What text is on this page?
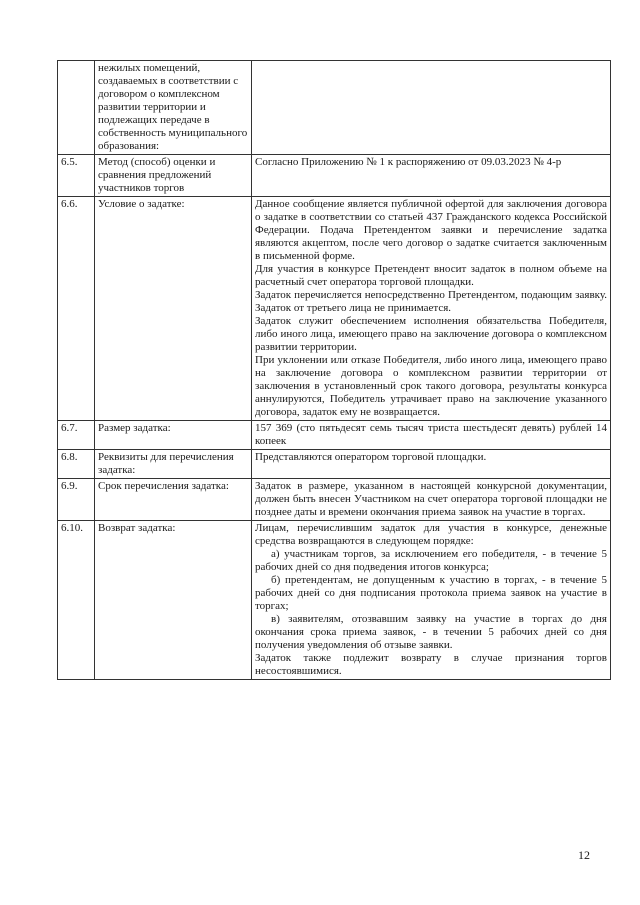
	нежилых помещений, создаваемых в соответствии с договором о комплексном развитии территории и подлежащих передаче в собственность муниципального образования:	

6.5.	Метод (способ) оценки и сравнения предложений участников торгов	Согласно Приложению № 1 к распоряжению от 09.03.2023 № 4-р

6.6.	Условие о задатке:	Данное сообщение является публичной офертой для заключения договора о задатке в соответствии со статьей 437 Гражданского кодекса Российской Федерации. Подача Претендентом заявки и перечисление задатка являются акцептом, после чего договор о задатке считается заключенным в письменной форме.

Для участия в конкурсе Претендент вносит задаток в полном объеме на расчетный счет оператора торговой площадки.

Задаток перечисляется непосредственно Претендентом, подающим заявку. Задаток от третьего лица не принимается.

Задаток служит обеспечением исполнения обязательства Победителя, либо иного лица, имеющего право на заключение договора о комплексном развитии территории.

При уклонении или отказе Победителя, либо иного лица, имеющего право на заключение договора о комплексном развитии территории от заключения в установленный срок такого договора, результаты конкурса аннулируются, Победитель утрачивает право на заключение указанного договора, задаток ему не возвращается.

6.7.	Размер задатка:	157 369 (сто пятьдесят семь тысяч триста шестьдесят девять) рублей 14 копеек

6.8.	Реквизиты для перечисления задатка:	Представляются оператором торговой площадки.

6.9.	Срок перечисления задатка:	Задаток в размере, указанном в настоящей конкурсной документации, должен быть внесен Участником на счет оператора торговой площадки не позднее даты и времени окончания приема заявок на участие в торгах.

6.10.	Возврат задатка:	Лицам, перечислившим задаток для участия в конкурсе, денежные средства возвращаются в следующем порядке:

а) участникам торгов, за исключением его победителя, - в течение 5 рабочих дней со дня подведения итогов конкурса;

б) претендентам, не допущенным к участию в торгах, - в течение 5 рабочих дней со дня подписания протокола приема заявок на участие в торгах;

в) заявителям, отозвавшим заявку на участие в торгах до дня окончания срока приема заявок, - в течении 5 рабочих дней со дня получения уведомления об отзыве заявки.

Задаток также подлежит возврату в случае признания торгов несостоявшимися.

12
